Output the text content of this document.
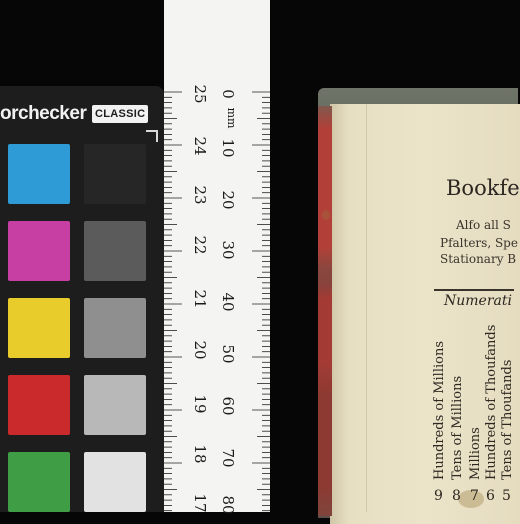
orchecker CLASSIC
25
24
23
22
21
20
19
18
17
0
mm
10
20
30
40
50
60
70
80
Bookfe
Alfo all S
Pfalters, Spe
Stationary B
Numerati
Hundreds of Millions Tens of Millions Millions Hundreds of Thoufands Tens of Thoufands
9 8 7 6 5
